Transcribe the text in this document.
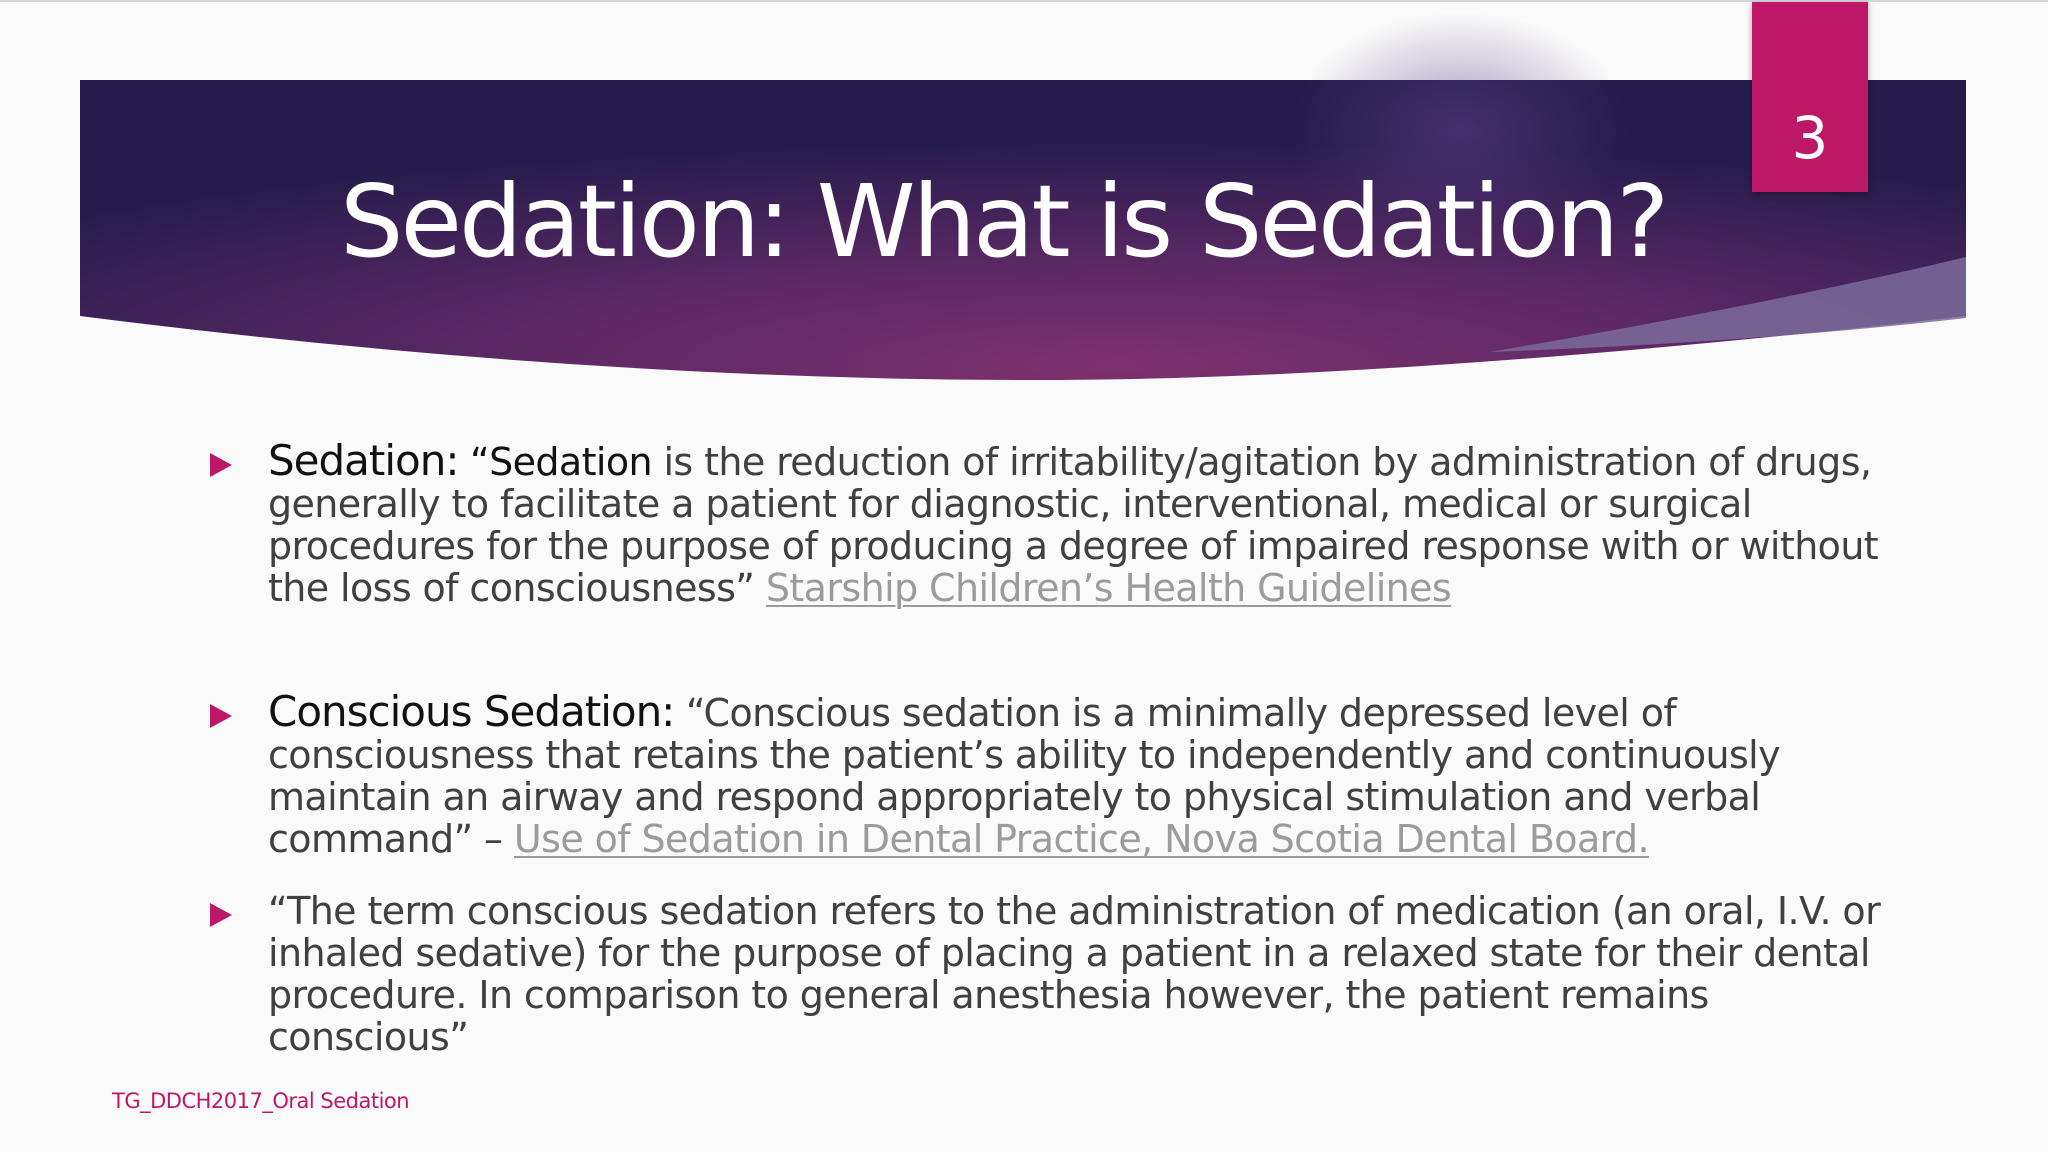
Sedation: What is Sedation?
3
Sedation: “Sedation is the reduction of irritability/agitation by administration of drugs, generally to facilitate a patient for diagnostic, interventional, medical or surgical procedures for the purpose of producing a degree of impaired response with or without the loss of consciousness” Starship Children’s Health Guidelines
Conscious Sedation: “Conscious sedation is a minimally depressed level of consciousness that retains the patient’s ability to independently and continuously maintain an airway and respond appropriately to physical stimulation and verbal command” – Use of Sedation in Dental Practice, Nova Scotia Dental Board.
“The term conscious sedation refers to the administration of medication (an oral, I.V. or inhaled sedative) for the purpose of placing a patient in a relaxed state for their dental procedure. In comparison to general anesthesia however, the patient remains conscious”
TG_DDCH2017_Oral Sedation
